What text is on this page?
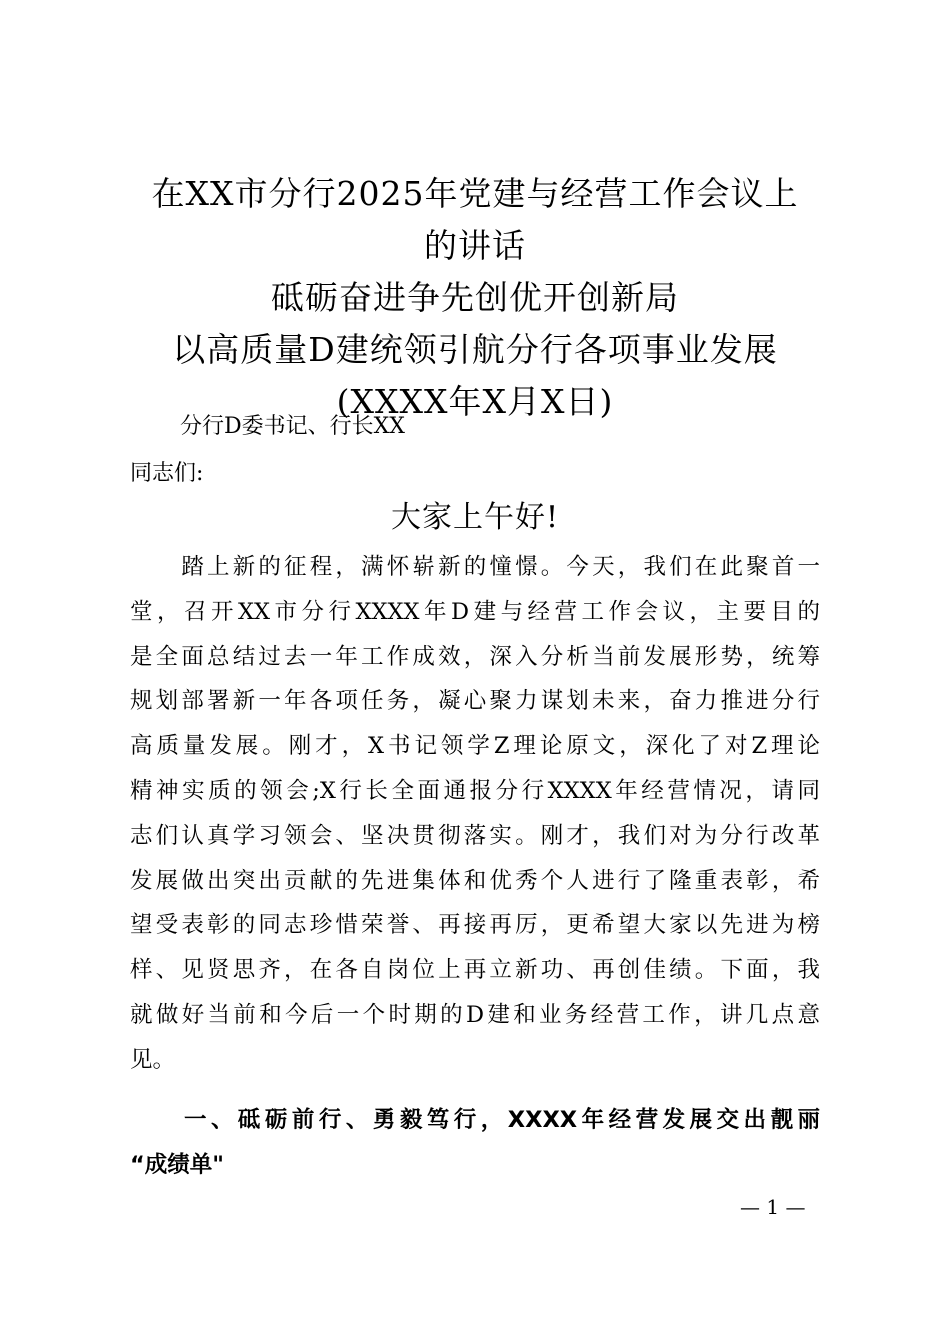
在XX市分行2025年党建与经营工作会议上
的讲话
砥砺奋进争先创优开创新局
以高质量D建统领引航分行各项事业发展
(XXXX年X月X日)
分行D委书记、行长XX
同志们:
大家上午好!
　　踏上新的征程，满怀崭新的憧憬。今天，我们在此聚首一
堂，召开XX市分行XXXX年D建与经营工作会议，主要目的
是全面总结过去一年工作成效，深入分析当前发展形势，统筹
规划部署新一年各项任务，凝心聚力谋划未来，奋力推进分行
高质量发展。刚才，X书记领学Z理论原文，深化了对Z理论
精神实质的领会;X行长全面通报分行XXXX年经营情况，请同
志们认真学习领会、坚决贯彻落实。刚才，我们对为分行改革
发展做出突出贡献的先进集体和优秀个人进行了隆重表彰，希
望受表彰的同志珍惜荣誉、再接再厉，更希望大家以先进为榜
样、见贤思齐，在各自岗位上再立新功、再创佳绩。下面，我
就做好当前和今后一个时期的D建和业务经营工作，讲几点意
见。
　　一、砥砺前行、勇毅笃行，XXXX年经营发展交出靓丽
“成绩单"
— 1 —
